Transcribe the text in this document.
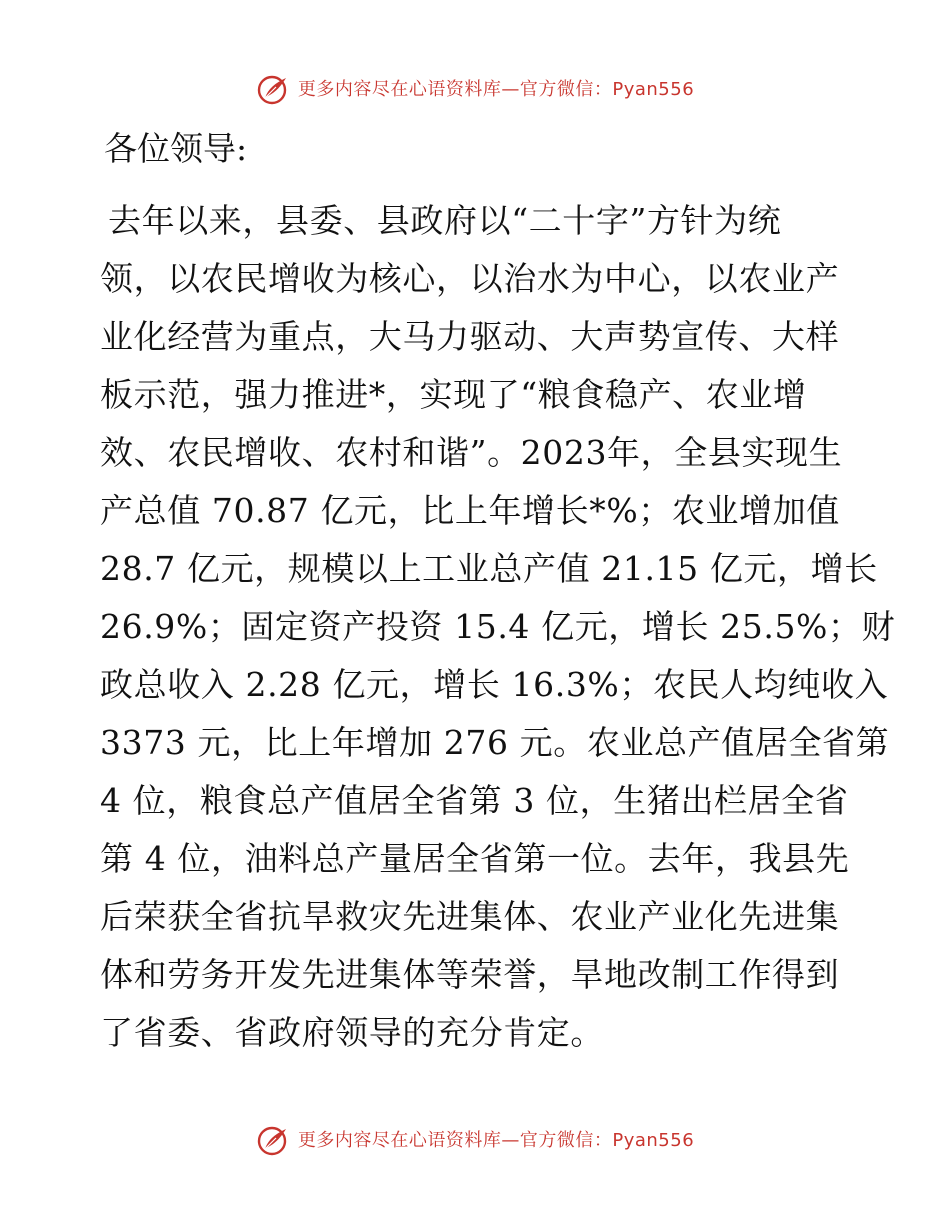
更多内容尽在心语资料库—官方微信：Pyan556
各位领导:
去年以来，县委、县政府以“二十字”方针为统
领，以农民增收为核心，以治水为中心，以农业产
业化经营为重点，大马力驱动、大声势宣传、大样
板示范，强力推进*，实现了“粮食稳产、农业增
效、农民增收、农村和谐”。2023年，全县实现生
产总值 70.87 亿元，比上年增长*%；农业增加值
28.7 亿元，规模以上工业总产值 21.15 亿元，增长
26.9%；固定资产投资 15.4 亿元，增长 25.5%；财
政总收入 2.28 亿元，增长 16.3%；农民人均纯收入
3373 元，比上年增加 276 元。农业总产值居全省第
4 位，粮食总产值居全省第 3 位，生猪出栏居全省
第 4 位，油料总产量居全省第一位。去年，我县先
后荣获全省抗旱救灾先进集体、农业产业化先进集
体和劳务开发先进集体等荣誉，旱地改制工作得到
了省委、省政府领导的充分肯定。
更多内容尽在心语资料库—官方微信：Pyan556
